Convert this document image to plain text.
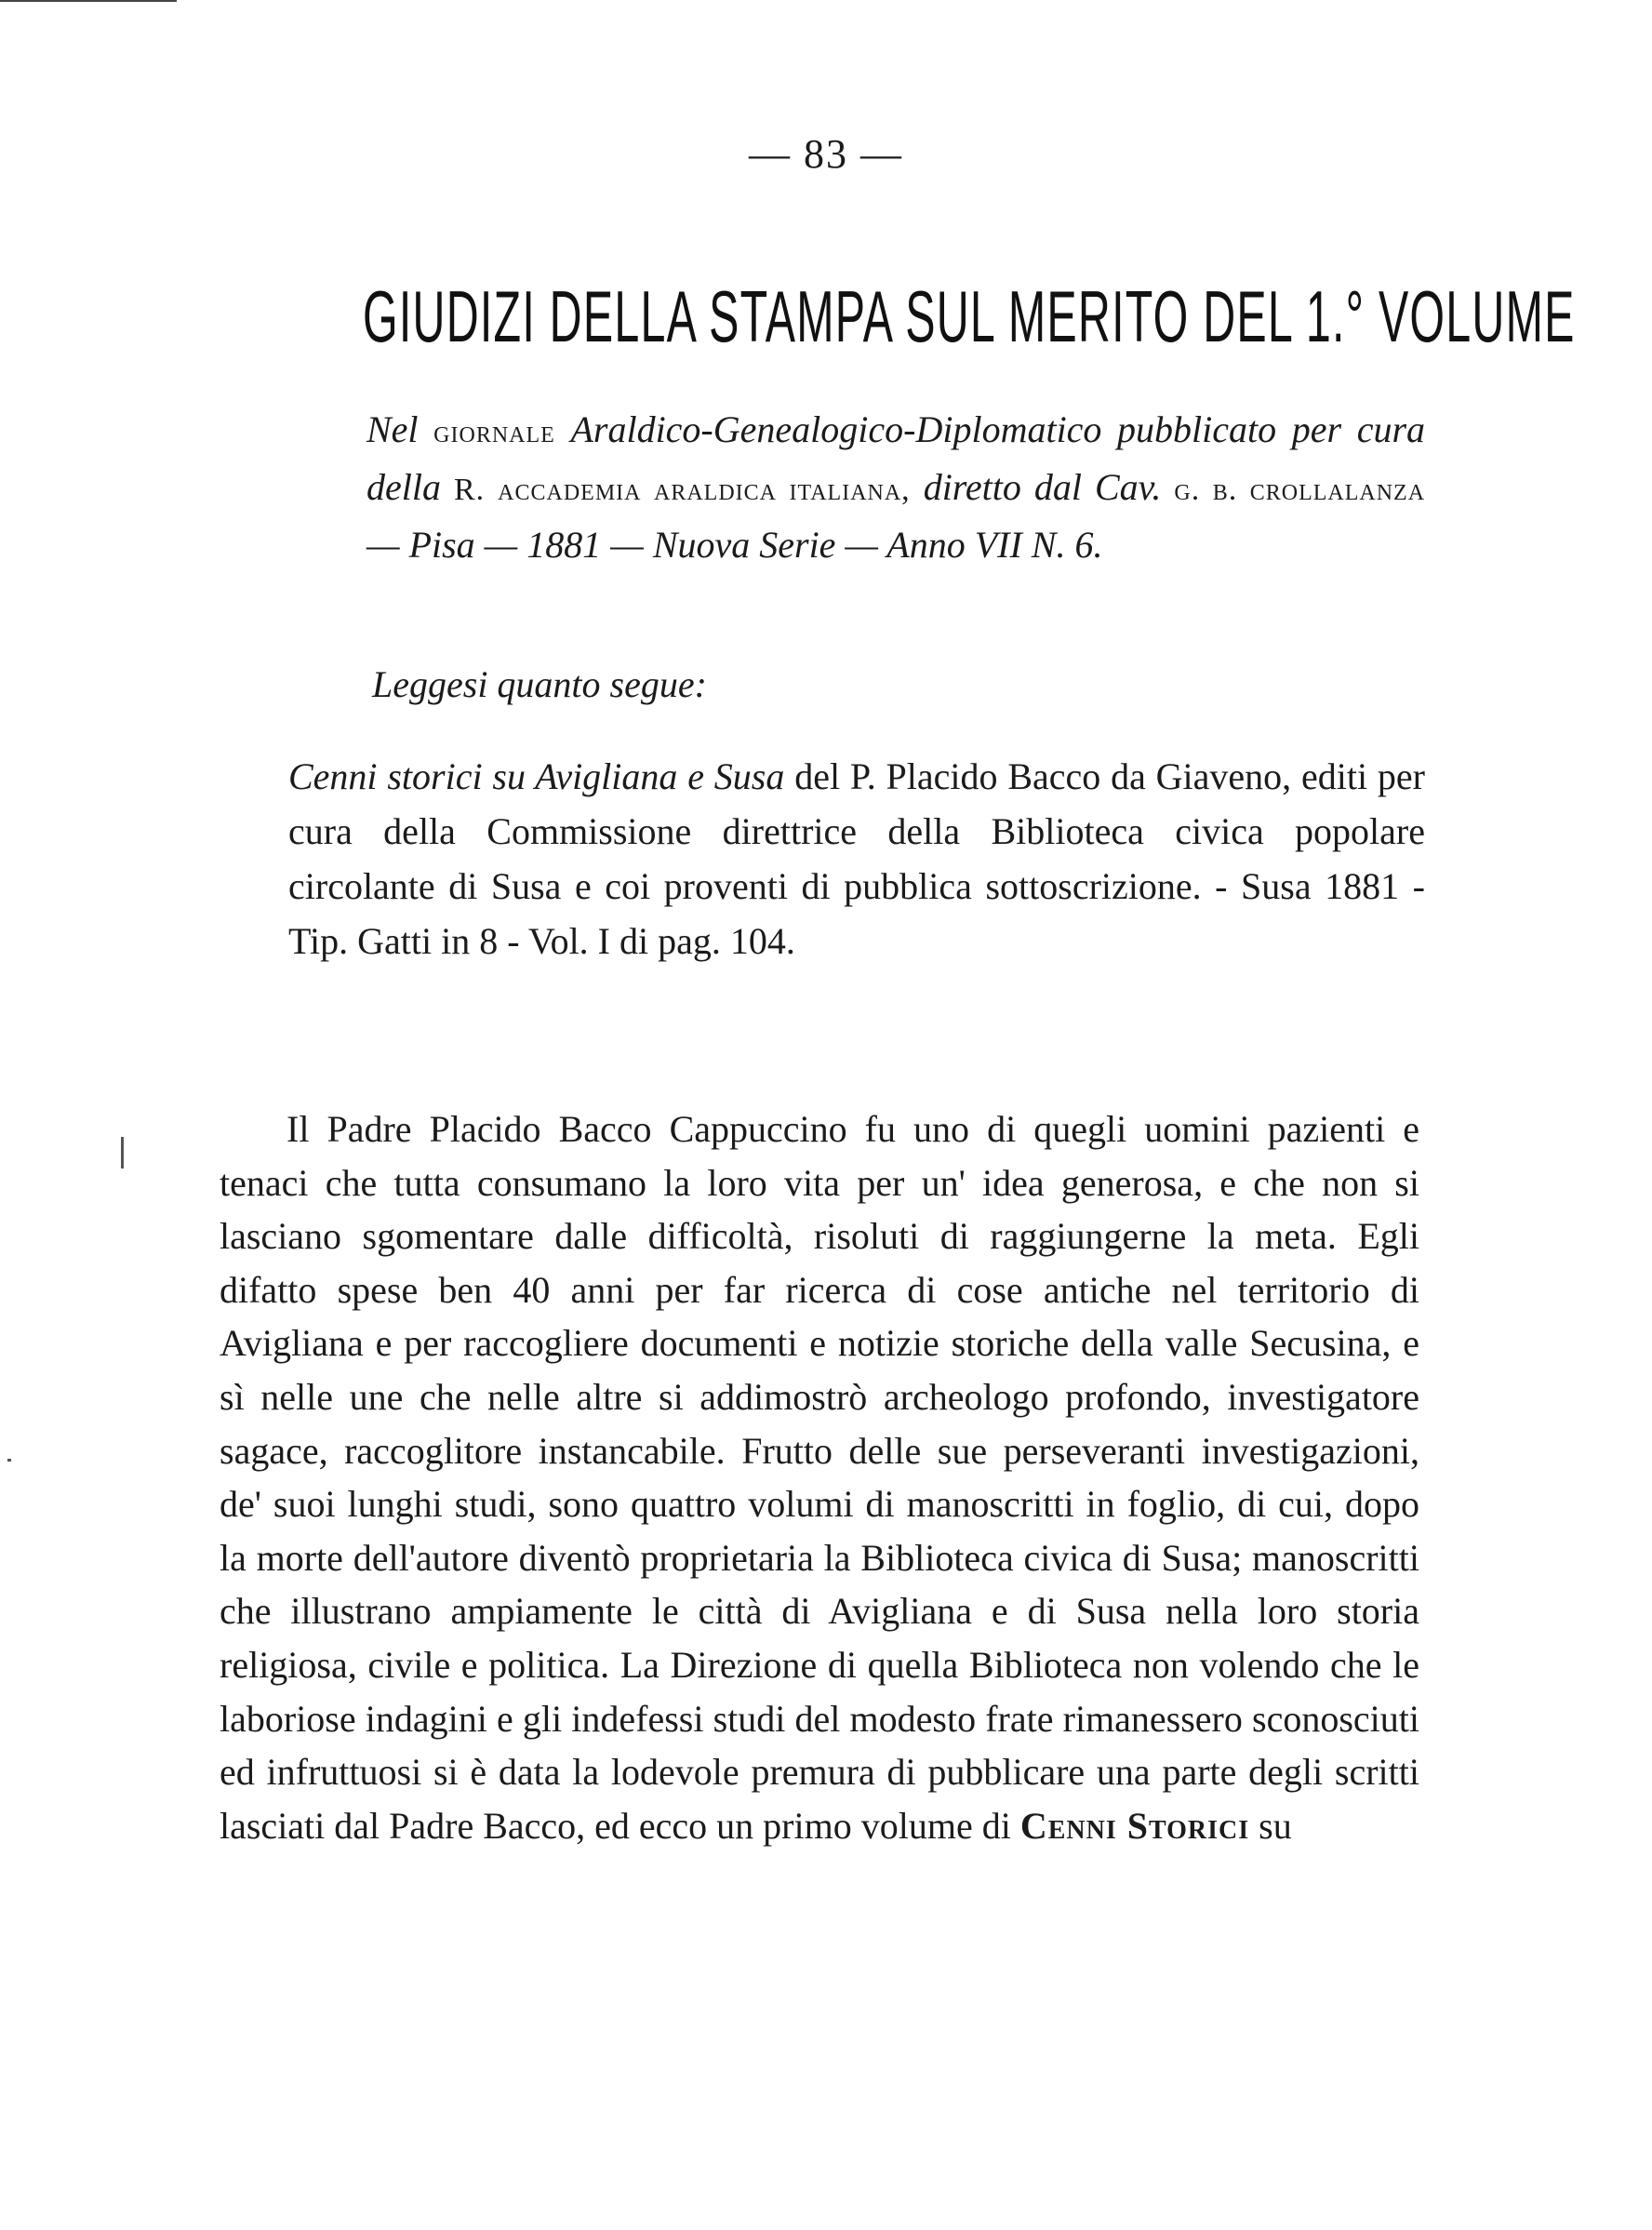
— 83 —
GIUDIZI DELLA STAMPA SUL MERITO DEL 1.° VOLUME
Nel giornale Araldico-Genealogico-Diplomatico pubblicato per cura della R. accademia araldica italiana, diretto dal Cav. g. b. crollalanza — Pisa — 1881 — Nuova Serie — Anno VII N. 6.
Leggesi quanto segue:
Cenni storici su Avigliana e Susa del P. Placido Bacco da Giaveno, editi per cura della Commissione direttrice della Biblioteca civica popolare circolante di Susa e coi proventi di pubblica sottoscrizione. - Susa 1881 - Tip. Gatti in 8 - Vol. I di pag. 104.
Il Padre Placido Bacco Cappuccino fu uno di quegli uomini pazienti e tenaci che tutta consumano la loro vita per un' idea generosa, e che non si lasciano sgomentare dalle difficoltà, risoluti di raggiungerne la meta. Egli difatto spese ben 40 anni per far ricerca di cose antiche nel territorio di Avigliana e per raccogliere documenti e notizie storiche della valle Secusina, e sì nelle une che nelle altre si addimostrò archeologo profondo, investigatore sagace, raccoglitore instancabile. Frutto delle sue perseveranti investigazioni, de' suoi lunghi studi, sono quattro volumi di manoscritti in foglio, di cui, dopo la morte dell'autore diventò proprietaria la Biblioteca civica di Susa; manoscritti che illustrano ampiamente le città di Avigliana e di Susa nella loro storia religiosa, civile e politica. La Direzione di quella Biblioteca non volendo che le laboriose indagini e gli indefessi studi del modesto frate rimanessero sconosciuti ed infruttuosi si è data la lodevole premura di pubblicare una parte degli scritti lasciati dal Padre Bacco, ed ecco un primo volume di Cenni Storici su
